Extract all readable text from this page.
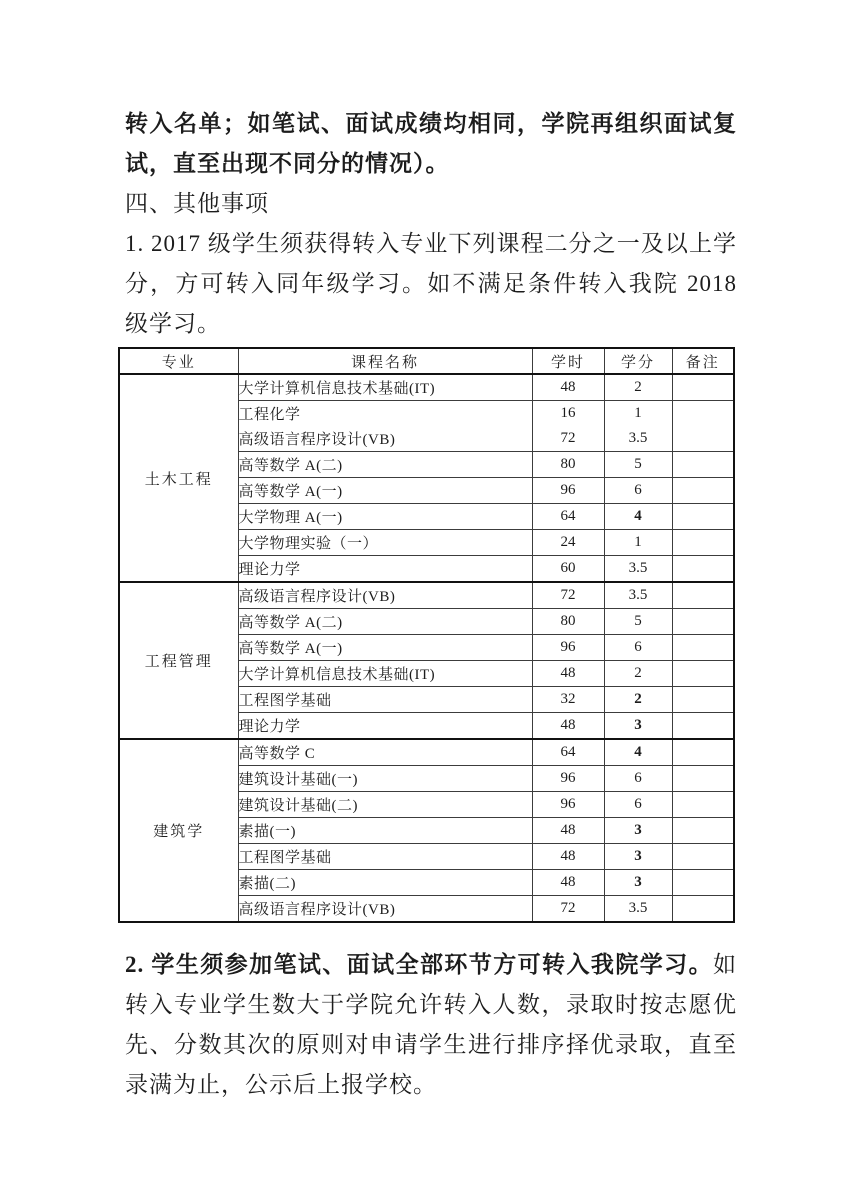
转入名单；如笔试、面试成绩均相同，学院再组织面试复试，直至出现不同分的情况）。

四、其他事项

1. 2017 级学生须获得转入专业下列课程二分之一及以上学分，方可转入同年级学习。如不满足条件转入我院 2018 级学习。

专业	课程名称	学时	学分	备注
土木工程	大学计算机信息技术基础(IT)	48	2	
	工程化学	16	1	
	高级语言程序设计(VB)	72	3.5	
	高等数学 A(二)	80	5	
	高等数学 A(一)	96	6	
	大学物理 A(一)	64	4	
	大学物理实验（一）	24	1	
	理论力学	60	3.5	
工程管理	高级语言程序设计(VB)	72	3.5	
	高等数学 A(二)	80	5	
	高等数学 A(一)	96	6	
	大学计算机信息技术基础(IT)	48	2	
	工程图学基础	32	2	
	理论力学	48	3	
建筑学	高等数学 C	64	4	
	建筑设计基础(一)	96	6	
	建筑设计基础(二)	96	6	
	素描(一)	48	3	
	工程图学基础	48	3	
	素描(二)	48	3	
	高级语言程序设计(VB)	72	3.5	

2. 学生须参加笔试、面试全部环节方可转入我院学习。如转入专业学生数大于学院允许转入人数，录取时按志愿优先、分数其次的原则对申请学生进行排序择优录取，直至录满为止，公示后上报学校。
